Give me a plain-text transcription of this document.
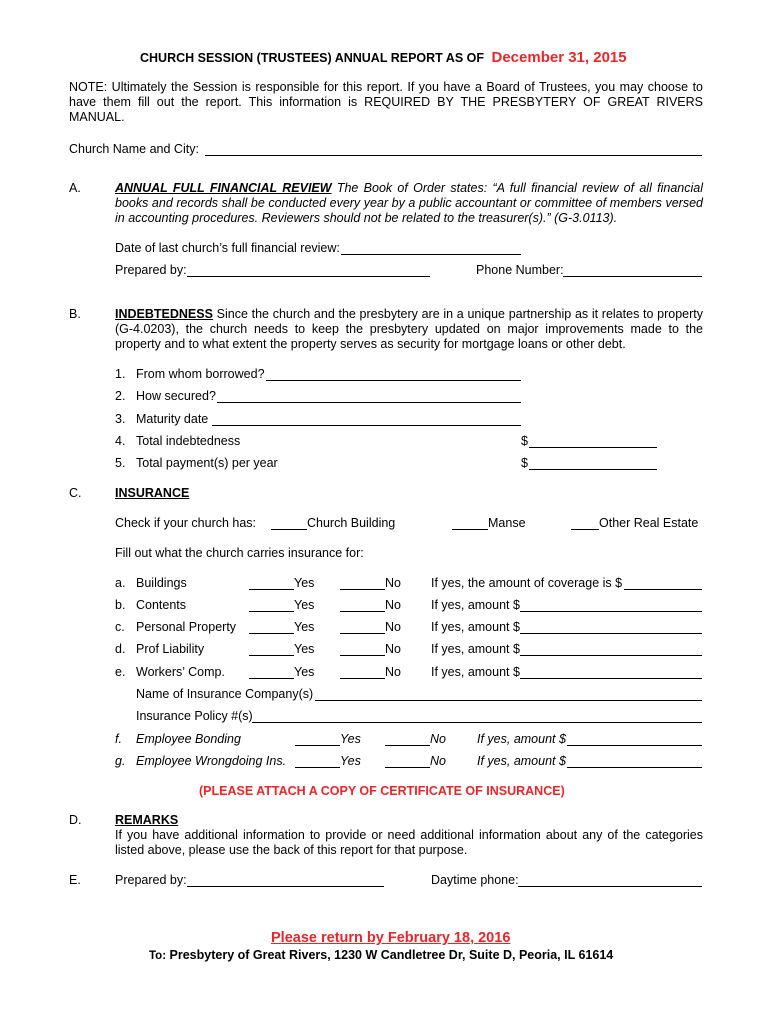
CHURCH SESSION (TRUSTEES) ANNUAL REPORT AS OF December 31, 2015
NOTE: Ultimately the Session is responsible for this report. If you have a Board of Trustees, you may choose to have them fill out the report. This information is REQUIRED BY THE PRESBYTERY OF GREAT RIVERS MANUAL.
Church Name and City:
A.	ANNUAL FULL FINANCIAL REVIEW The Book of Order states: “A full financial review of all financial books and records shall be conducted every year by a public accountant or committee of members versed in accounting procedures. Reviewers should not be related to the treasurer(s).” (G-3.0113).
Date of last church’s full financial review:
Prepared by:	Phone Number:
B.	INDEBTEDNESS Since the church and the presbytery are in a unique partnership as it relates to property (G-4.0203), the church needs to keep the presbytery updated on major improvements made to the property and to what extent the property serves as security for mortgage loans or other debt.
1. From whom borrowed?
2. How secured?
3. Maturity date
4. Total indebtedness	$
5. Total payment(s) per year	$
C.	INSURANCE
Check if your church has:	Church Building	Manse	Other Real Estate
Fill out what the church carries insurance for:
a. Buildings	Yes	No If yes, the amount of coverage is $
b. Contents	Yes	No If yes, amount $
c. Personal Property	Yes	No If yes, amount $
d. Prof Liability	Yes	No If yes, amount $
e. Workers’ Comp.	Yes	No If yes, amount $
Name of Insurance Company(s)
Insurance Policy #(s)
f. Employee Bonding	Yes	No If yes, amount $
g. Employee Wrongdoing Ins.	Yes	No If yes, amount $
(PLEASE ATTACH A COPY OF CERTIFICATE OF INSURANCE)
D.	REMARKS
If you have additional information to provide or need additional information about any of the categories listed above, please use the back of this report for that purpose.
E.	Prepared by:	Daytime phone:
Please return by February 18, 2016
To: Presbytery of Great Rivers, 1230 W Candletree Dr, Suite D, Peoria, IL 61614
